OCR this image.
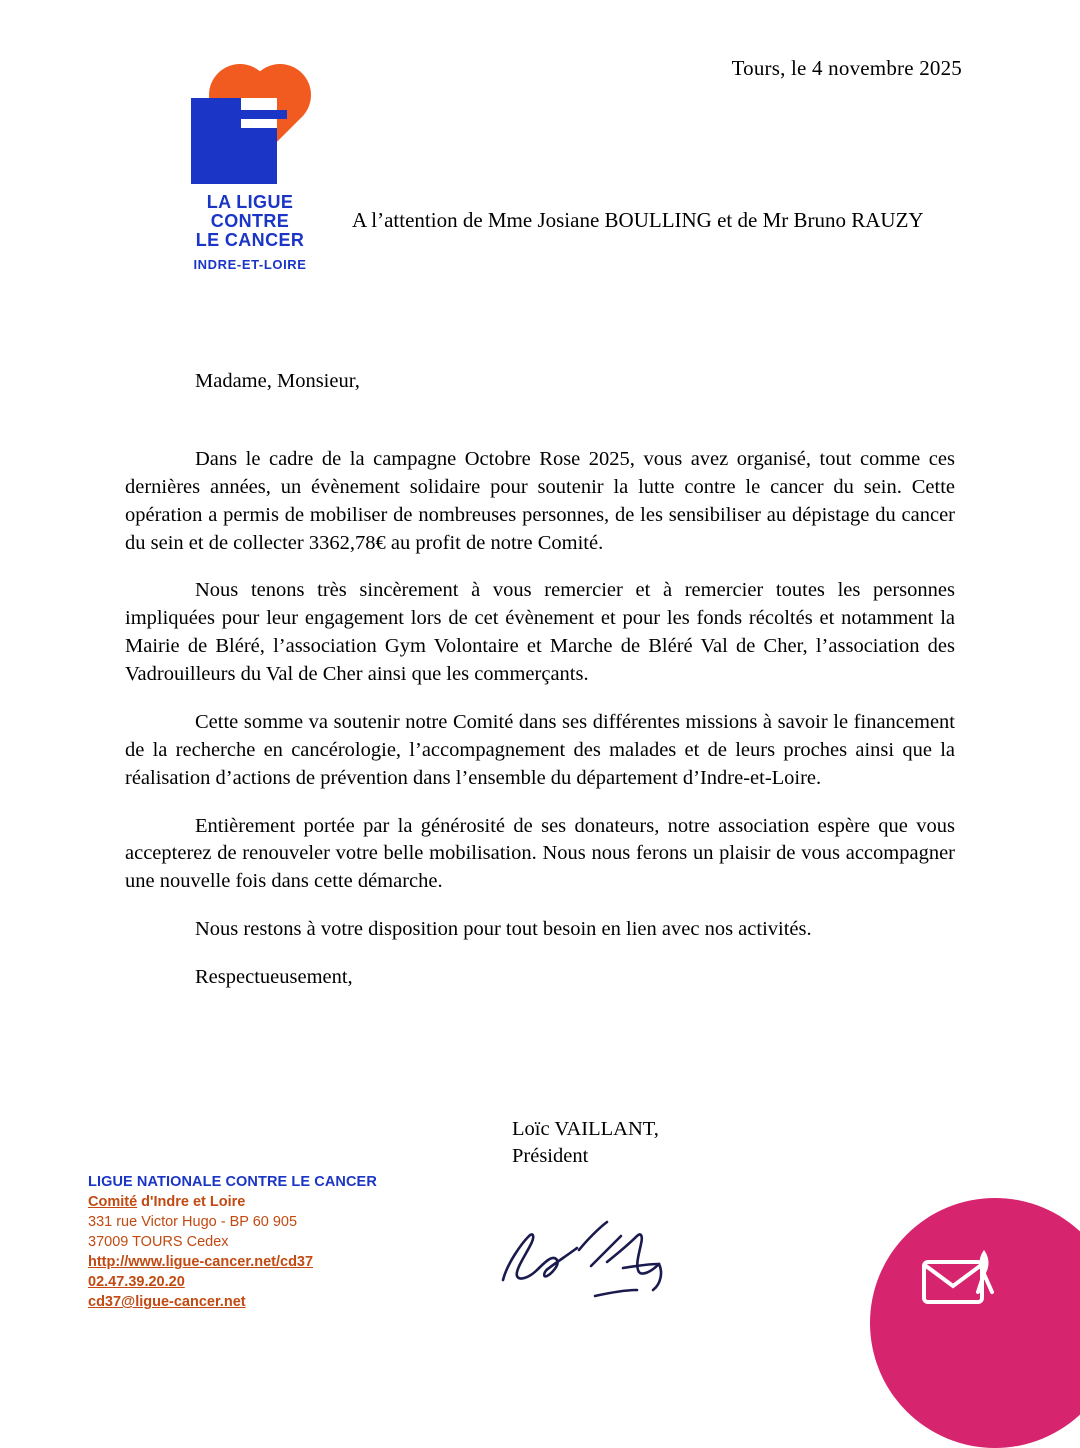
Tours, le 4 novembre 2025
LA LIGUE
CONTRE
LE CANCER
INDRE-ET-LOIRE
A l’attention de Mme Josiane BOULLING et de Mr Bruno RAUZY

Madame, Monsieur,

Dans le cadre de la campagne Octobre Rose 2025, vous avez organisé, tout comme ces dernières années, un évènement solidaire pour soutenir la lutte contre le cancer du sein. Cette opération a permis de mobiliser de nombreuses personnes, de les sensibiliser au dépistage du cancer du sein et de collecter 3362,78€ au profit de notre Comité.

Nous tenons très sincèrement à vous remercier et à remercier toutes les personnes impliquées pour leur engagement lors de cet évènement et pour les fonds récoltés et notamment la Mairie de Bléré, l’association Gym Volontaire et Marche de Bléré Val de Cher, l’association des Vadrouilleurs du Val de Cher ainsi que les commerçants.

Cette somme va soutenir notre Comité dans ses différentes missions à savoir le financement de la recherche en cancérologie, l’accompagnement des malades et de leurs proches ainsi que la réalisation d’actions de prévention dans l’ensemble du département d’Indre-et-Loire.

Entièrement portée par la générosité de ses donateurs, notre association espère que vous accepterez de renouveler votre belle mobilisation. Nous nous ferons un plaisir de vous accompagner une nouvelle fois dans cette démarche.

Nous restons à votre disposition pour tout besoin en lien avec nos activités.

Respectueusement,

Loïc VAILLANT,
Président
LIGUE NATIONALE CONTRE LE CANCER
Comité d'Indre et Loire
331 rue Victor Hugo - BP 60 905
37009 TOURS Cedex
http://www.ligue-cancer.net/cd37
02.47.39.20.20
cd37@ligue-cancer.net
